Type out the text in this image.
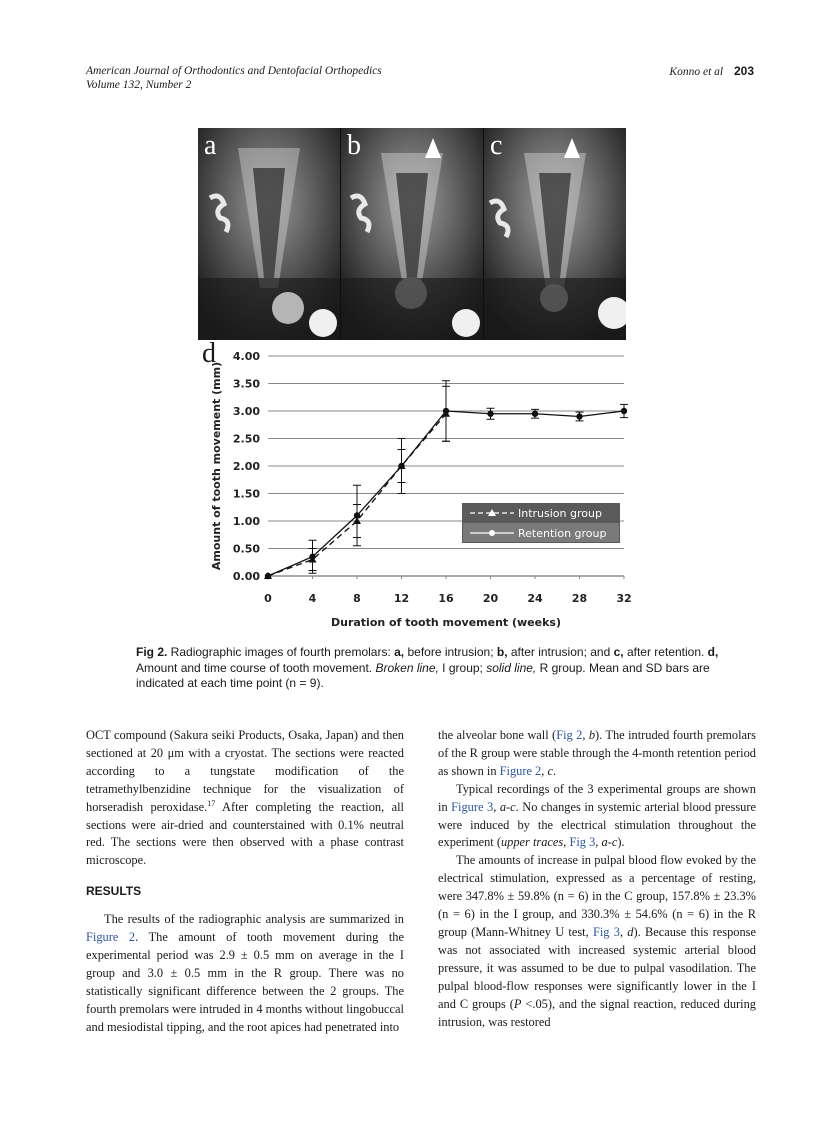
American Journal of Orthodontics and Dentofacial Orthopedics
Volume 132, Number 2
Konno et al 203
a	b	c
d
0.00
0.50
1.00
1.50
2.00
2.50
3.00
3.50
4.00
0	4	8	12	16	20	24	28	32
Duration of tooth movement (weeks)
Amount of tooth movement (mm)	Intrusion group
Retention group
Fig 2. Radiographic images of fourth premolars: a, before intrusion; b, after intrusion; and c, after retention. d, Amount and time course of tooth movement. Broken line, I group; solid line, R group. Mean and SD bars are indicated at each time point (n = 9).

OCT compound (Sakura seiki Products, Osaka, Japan) and then sectioned at 20 μm with a cryostat. The sections were reacted according to a tungstate modification of the tetramethylbenzidine technique for the visualization of horseradish peroxidase.$^{17}$ After completing the reaction, all sections were air-dried and counterstained with 0.1% neutral red. The sections were then observed with a phase contrast microscope.

RESULTS

The results of the radiographic analysis are summarized in Figure 2. The amount of tooth movement during the experimental period was 2.9 ± 0.5 mm on average in the I group and 3.0 ± 0.5 mm in the R group. There was no statistically significant difference between the 2 groups. The fourth premolars were intruded in 4 months without lingobuccal and mesiodistal tipping, and the root apices had penetrated into

the alveolar bone wall (Fig 2, b). The intruded fourth premolars of the R group were stable through the 4-month retention period as shown in Figure 2, c.

Typical recordings of the 3 experimental groups are shown in Figure 3, a-c. No changes in systemic arterial blood pressure were induced by the electrical stimulation throughout the experiment (upper traces, Fig 3, a-c).

The amounts of increase in pulpal blood flow evoked by the electrical stimulation, expressed as a percentage of resting, were 347.8% ± 59.8% (n = 6) in the C group, 157.8% ± 23.3% (n = 6) in the I group, and 330.3% ± 54.6% (n = 6) in the R group (Mann-Whitney U test, Fig 3, d). Because this response was not associated with increased systemic arterial blood pressure, it was assumed to be due to pulpal vasodilation. The pulpal blood-flow responses were significantly lower in the I and C groups (P <.05), and the signal reaction, reduced during intrusion, was restored
